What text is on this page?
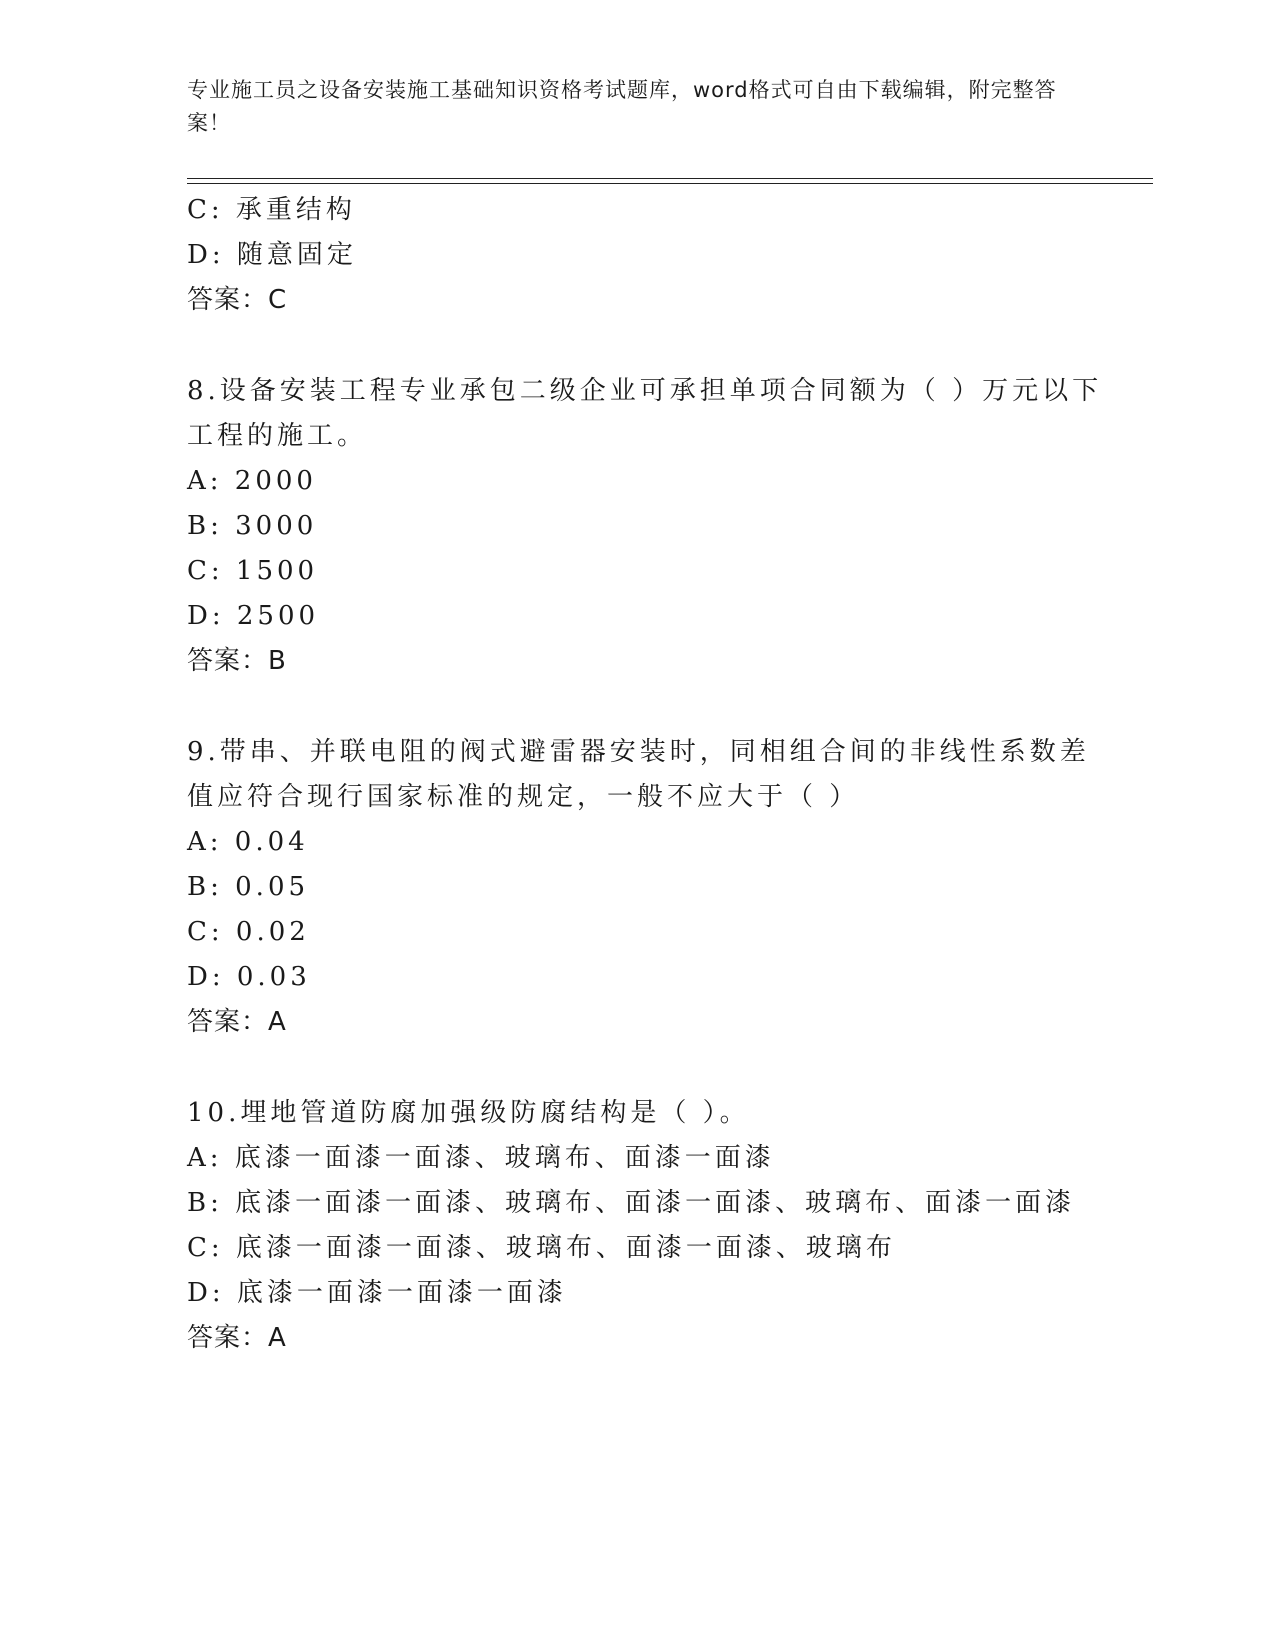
专业施工员之设备安装施工基础知识资格考试题库，word格式可自由下载编辑，附完整答案！
C: 承重结构
D: 随意固定
答案：C
8.设备安装工程专业承包二级企业可承担单项合同额为（ ）万元以下
工程的施工。
A: 2000
B: 3000
C: 1500
D: 2500
答案：B
9.带串、并联电阻的阀式避雷器安装时，同相组合间的非线性系数差
值应符合现行国家标准的规定，一般不应大于（ ）
A: 0.04
B: 0.05
C: 0.02
D: 0.03
答案：A
10.埋地管道防腐加强级防腐结构是（ ）。
A: 底漆一面漆一面漆、玻璃布、面漆一面漆
B: 底漆一面漆一面漆、玻璃布、面漆一面漆、玻璃布、面漆一面漆
C: 底漆一面漆一面漆、玻璃布、面漆一面漆、玻璃布
D: 底漆一面漆一面漆一面漆
答案：A
